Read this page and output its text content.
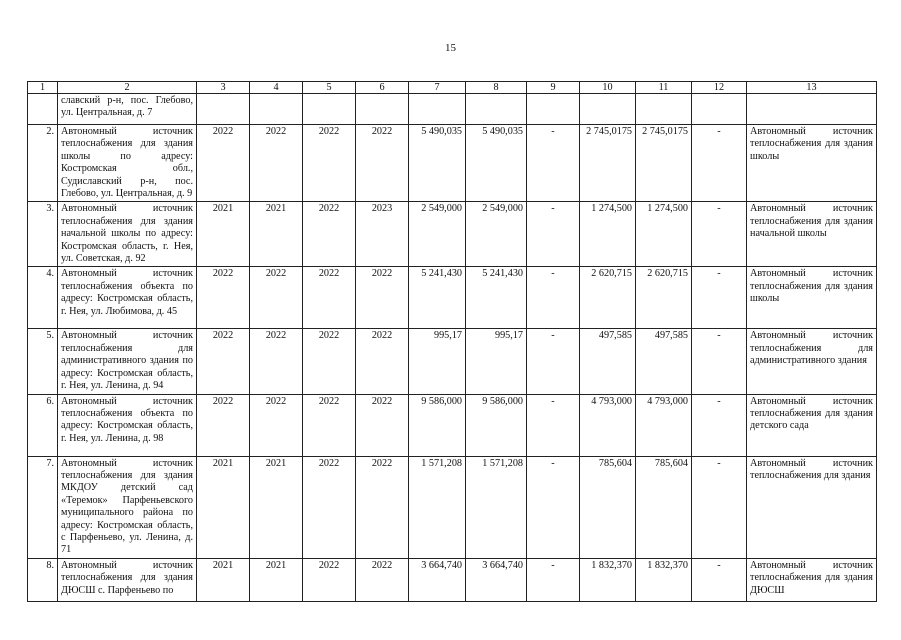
15
1	2	3	4	5	6	7	8	9	10	11	12	13
	славский р-н, пос. Глебово, ул. Центральная, д. 7											
2.	Автономный источник теплоснабжения для здания школы по адресу: Костромская обл., Судиславский р-н, пос. Глебово, ул. Центральная, д. 9	2022	2022	2022	2022	5 490,035	5 490,035	-	2 745,0175	2 745,0175	-	Автономный источник теплоснабжения для здания школы
3.	Автономный источник теплоснабжения для здания начальной школы по адресу: Костромская область, г. Нея, ул. Советская, д. 92	2021	2021	2022	2023	2 549,000	2 549,000	-	1 274,500	1 274,500	-	Автономный источник теплоснабжения для здания начальной школы
4.	Автономный источник теплоснабжения объекта по адресу: Костромская область, г. Нея, ул. Любимова, д. 45	2022	2022	2022	2022	5 241,430	5 241,430	-	2 620,715	2 620,715	-	Автономный источник теплоснабжения для здания школы
5.	Автономный источник теплоснабжения для административного здания по адресу: Костромская область, г. Нея, ул. Ленина, д. 94	2022	2022	2022	2022	995,17	995,17	-	497,585	497,585	-	Автономный источник теплоснабжения для административного здания
6.	Автономный источник теплоснабжения объекта по адресу: Костромская область, г. Нея, ул. Ленина, д. 98	2022	2022	2022	2022	9 586,000	9 586,000	-	4 793,000	4 793,000	-	Автономный источник теплоснабжения для здания детского сада
7.	Автономный источник теплоснабжения для здания МКДОУ детский сад «Теремок» Парфеньевского муниципального района по адресу: Костромская область, с Парфеньево, ул. Ленина, д. 71	2021	2021	2022	2022	1 571,208	1 571,208	-	785,604	785,604	-	Автономный источник теплоснабжения для здания
8.	Автономный источник теплоснабжения для здания ДЮСШ с. Парфеньево по	2021	2021	2022	2022	3 664,740	3 664,740	-	1 832,370	1 832,370	-	Автономный источник теплоснабжения для здания ДЮСШ
